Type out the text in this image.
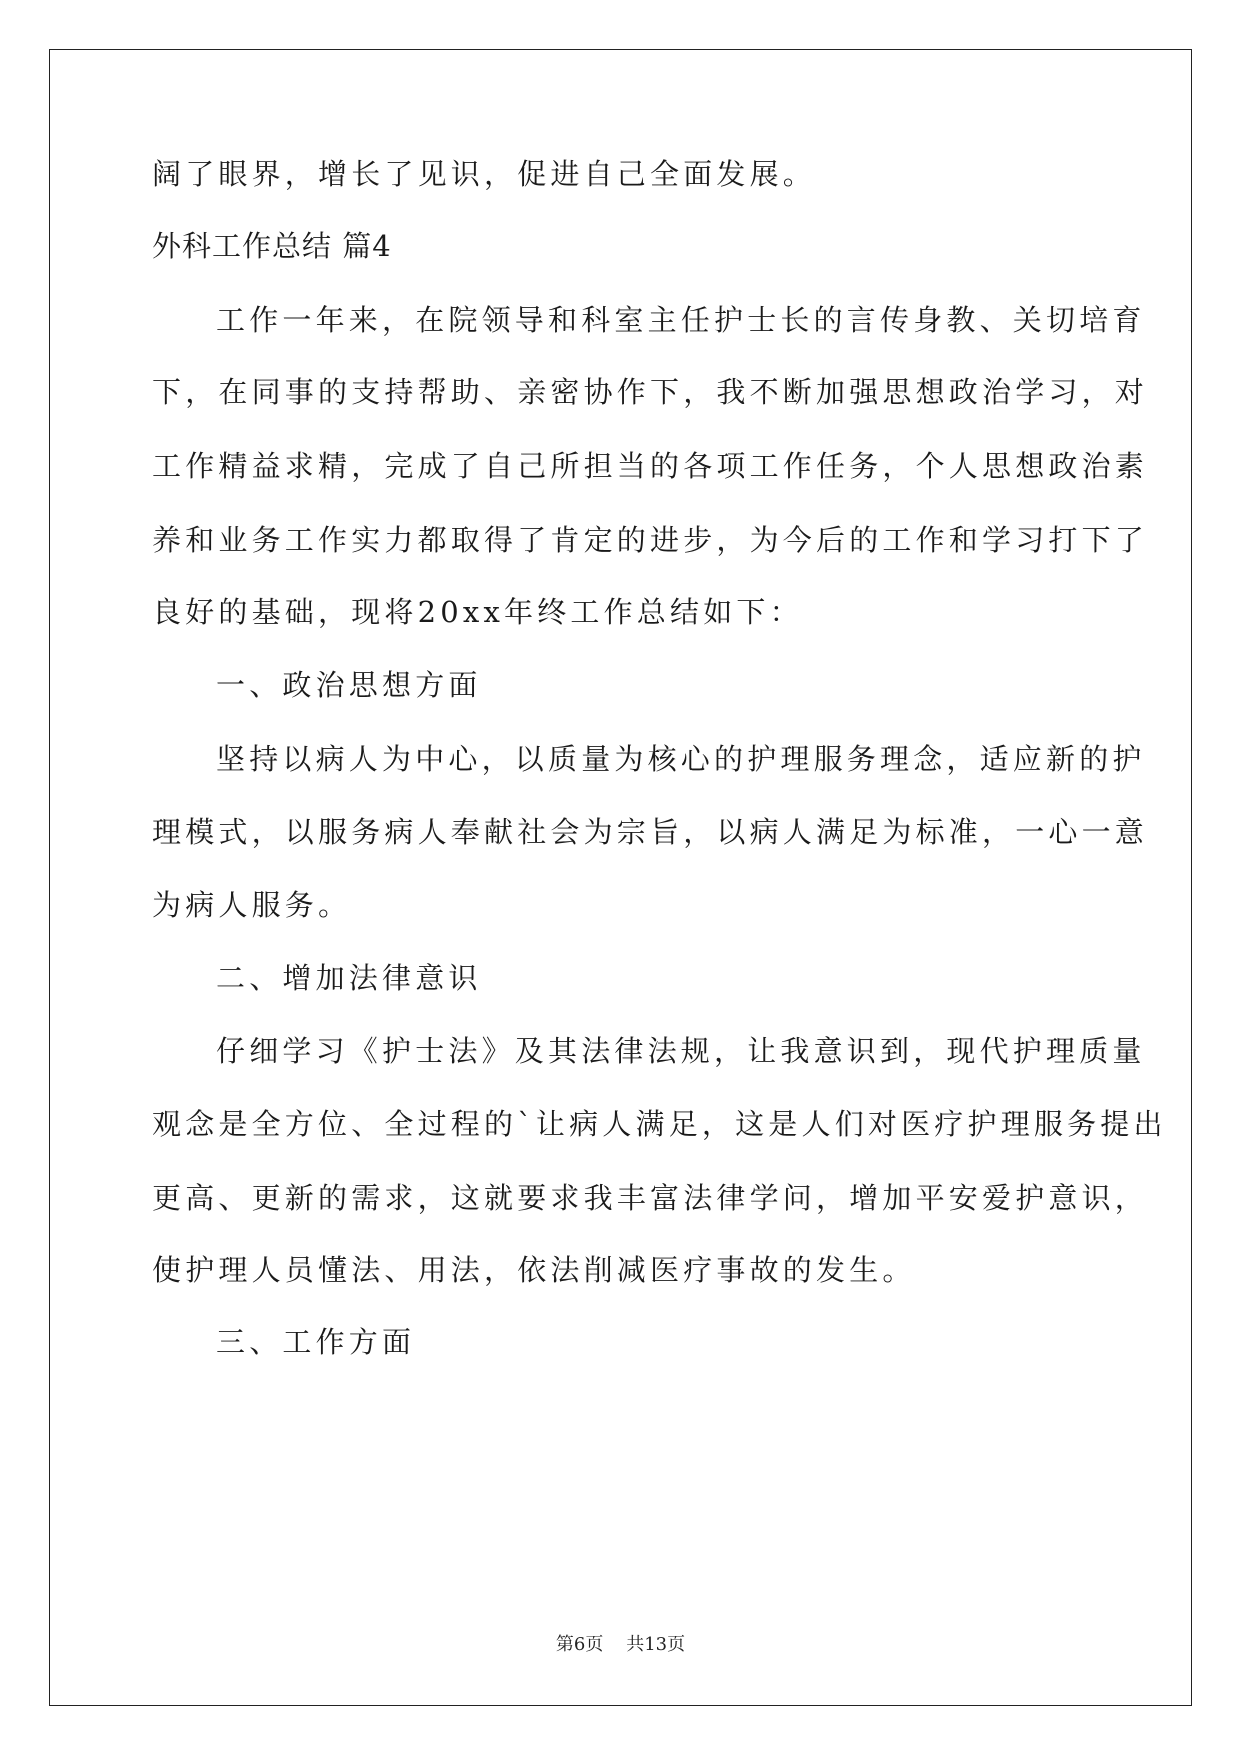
阔了眼界，增长了见识，促进自己全面发展。
外科工作总结 篇4
工作一年来，在院领导和科室主任护士长的言传身教、关切培育
下，在同事的支持帮助、亲密协作下，我不断加强思想政治学习，对
工作精益求精，完成了自己所担当的各项工作任务，个人思想政治素
养和业务工作实力都取得了肯定的进步，为今后的工作和学习打下了
良好的基础，现将20xx年终工作总结如下：
一、政治思想方面
坚持以病人为中心，以质量为核心的护理服务理念，适应新的护
理模式，以服务病人奉献社会为宗旨，以病人满足为标准，一心一意
为病人服务。
二、增加法律意识
仔细学习《护士法》及其法律法规，让我意识到，现代护理质量
观念是全方位、全过程的`让病人满足，这是人们对医疗护理服务提出
更高、更新的需求，这就要求我丰富法律学问，增加平安爱护意识，
使护理人员懂法、用法，依法削减医疗事故的发生。
三、工作方面
第6页 共13页
